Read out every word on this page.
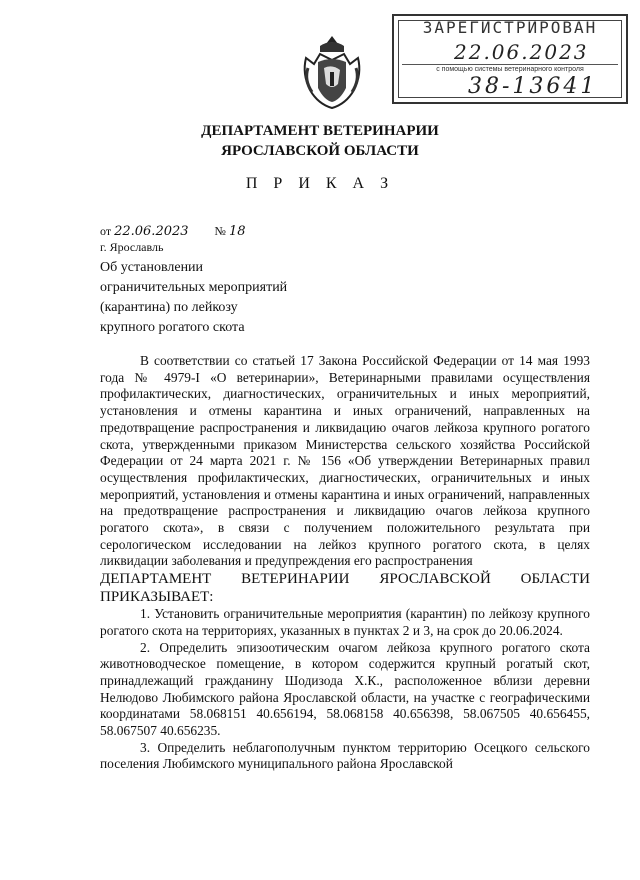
ЗАРЕГИСТРИРОВАН
22.06.2023
с помощью системы ветеринарного контроля
38-13641
ДЕПАРТАМЕНТ ВЕТЕРИНАРИИ
ЯРОСЛАВСКОЙ ОБЛАСТИ
П Р И К А З
от 22.06.2023 № 18
г. Ярославль
Об установлении
ограничительных мероприятий
(карантина) по лейкозу
крупного рогатого скота

В соответствии со статьей 17 Закона Российской Федерации от 14 мая 1993 года № 4979-I «О ветеринарии», Ветеринарными правилами осуществления профилактических, диагностических, ограничительных и иных мероприятий, установления и отмены карантина и иных ограничений, направленных на предотвращение распространения и ликвидацию очагов лейкоза крупного рогатого скота, утвержденными приказом Министерства сельского хозяйства Российской Федерации от 24 марта 2021 г. № 156 «Об утверждении Ветеринарных правил осуществления профилактических, диагностических, ограничительных и иных мероприятий, установления и отмены карантина и иных ограничений, направленных на предотвращение распространения и ликвидацию очагов лейкоза крупного рогатого скота», в связи с получением положительного результата при серологическом исследовании на лейкоз крупного рогатого скота, в целях ликвидации заболевания и предупреждения его распространения

ДЕПАРТАМЕНТ ВЕТЕРИНАРИИ ЯРОСЛАВСКОЙ ОБЛАСТИ ПРИКАЗЫВАЕТ:

1. Установить ограничительные мероприятия (карантин) по лейкозу крупного рогатого скота на территориях, указанных в пунктах 2 и 3, на срок до 20.06.2024.

2. Определить эпизоотическим очагом лейкоза крупного рогатого скота животноводческое помещение, в котором содержится крупный рогатый скот, принадлежащий гражданину Шодизода Х.К., расположенное вблизи деревни Нелюдово Любимского района Ярославской области, на участке с географическими координатами 58.068151 40.656194, 58.068158 40.656398, 58.067505 40.656455, 58.067507 40.656235.

3. Определить неблагополучным пунктом территорию Осецкого сельского поселения Любимского муниципального района Ярославской
